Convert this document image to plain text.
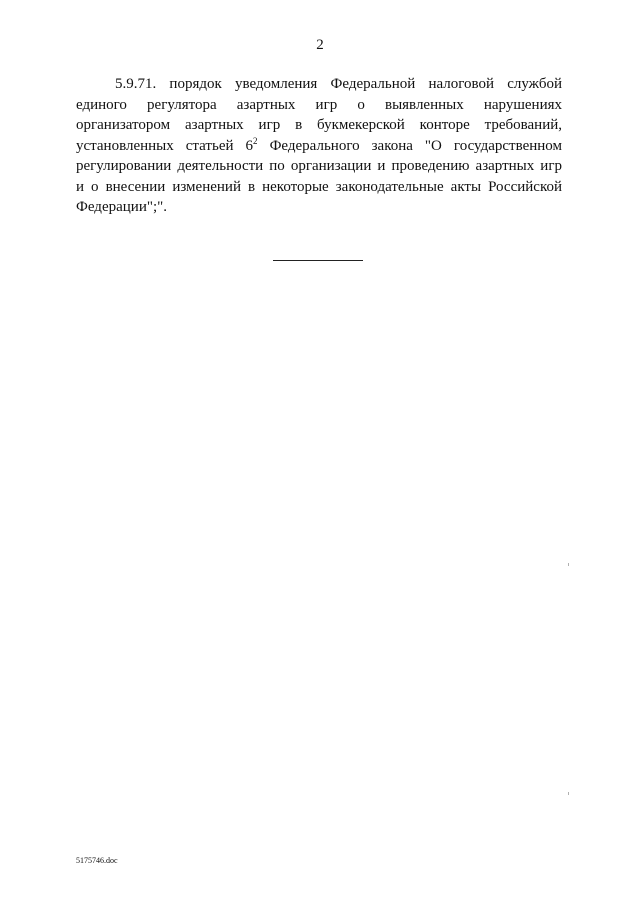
2
5.9.71. порядок уведомления Федеральной налоговой службой
единого регулятора азартных игр о выявленных нарушениях
организатором азартных игр в букмекерской конторе требований,
установленных статьей $6^2$ Федерального закона "О государственном
регулировании деятельности по организации и проведению азартных игр
и о внесении изменений в некоторые законодательные акты Российской
Федерации";".
5175746.doc
